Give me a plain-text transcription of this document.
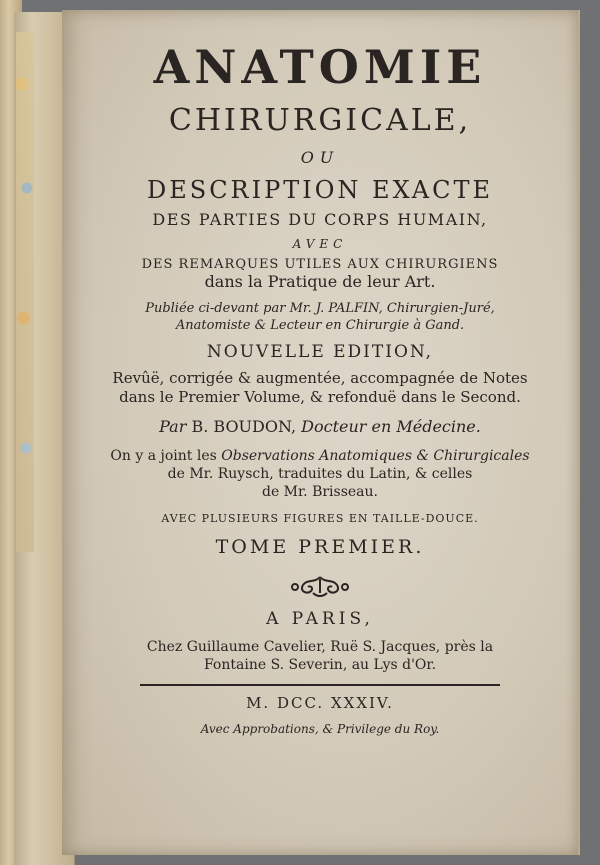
ANATOMIE
CHIRURGICALE,
OU
DESCRIPTION EXACTE
DES PARTIES DU CORPS HUMAIN,
AVEC
DES REMARQUES UTILES AUX CHIRURGIENS
dans la Pratique de leur Art.
Publiée ci-devant par Mr. J. PALFIN, Chirurgien-Juré,
Anatomiste & Lecteur en Chirurgie à Gand.
NOUVELLE EDITION,
Revûë, corrigée & augmentée, accompagnée de Notes
dans le Premier Volume, & refonduë dans le Second.
Par B. BOUDON, Docteur en Médecine.
On y a joint les Observations Anatomiques & Chirurgicales
de Mr. Ruysch, traduites du Latin, & celles
de Mr. Brisseau.
AVEC PLUSIEURS FIGURES EN TAILLE-DOUCE.
TOME PREMIER.
A PARIS,
Chez Guillaume Cavelier, Ruë S. Jacques, près la
Fontaine S. Severin, au Lys d'Or.
M. DCC. XXXIV.
Avec Approbations, & Privilege du Roy.
